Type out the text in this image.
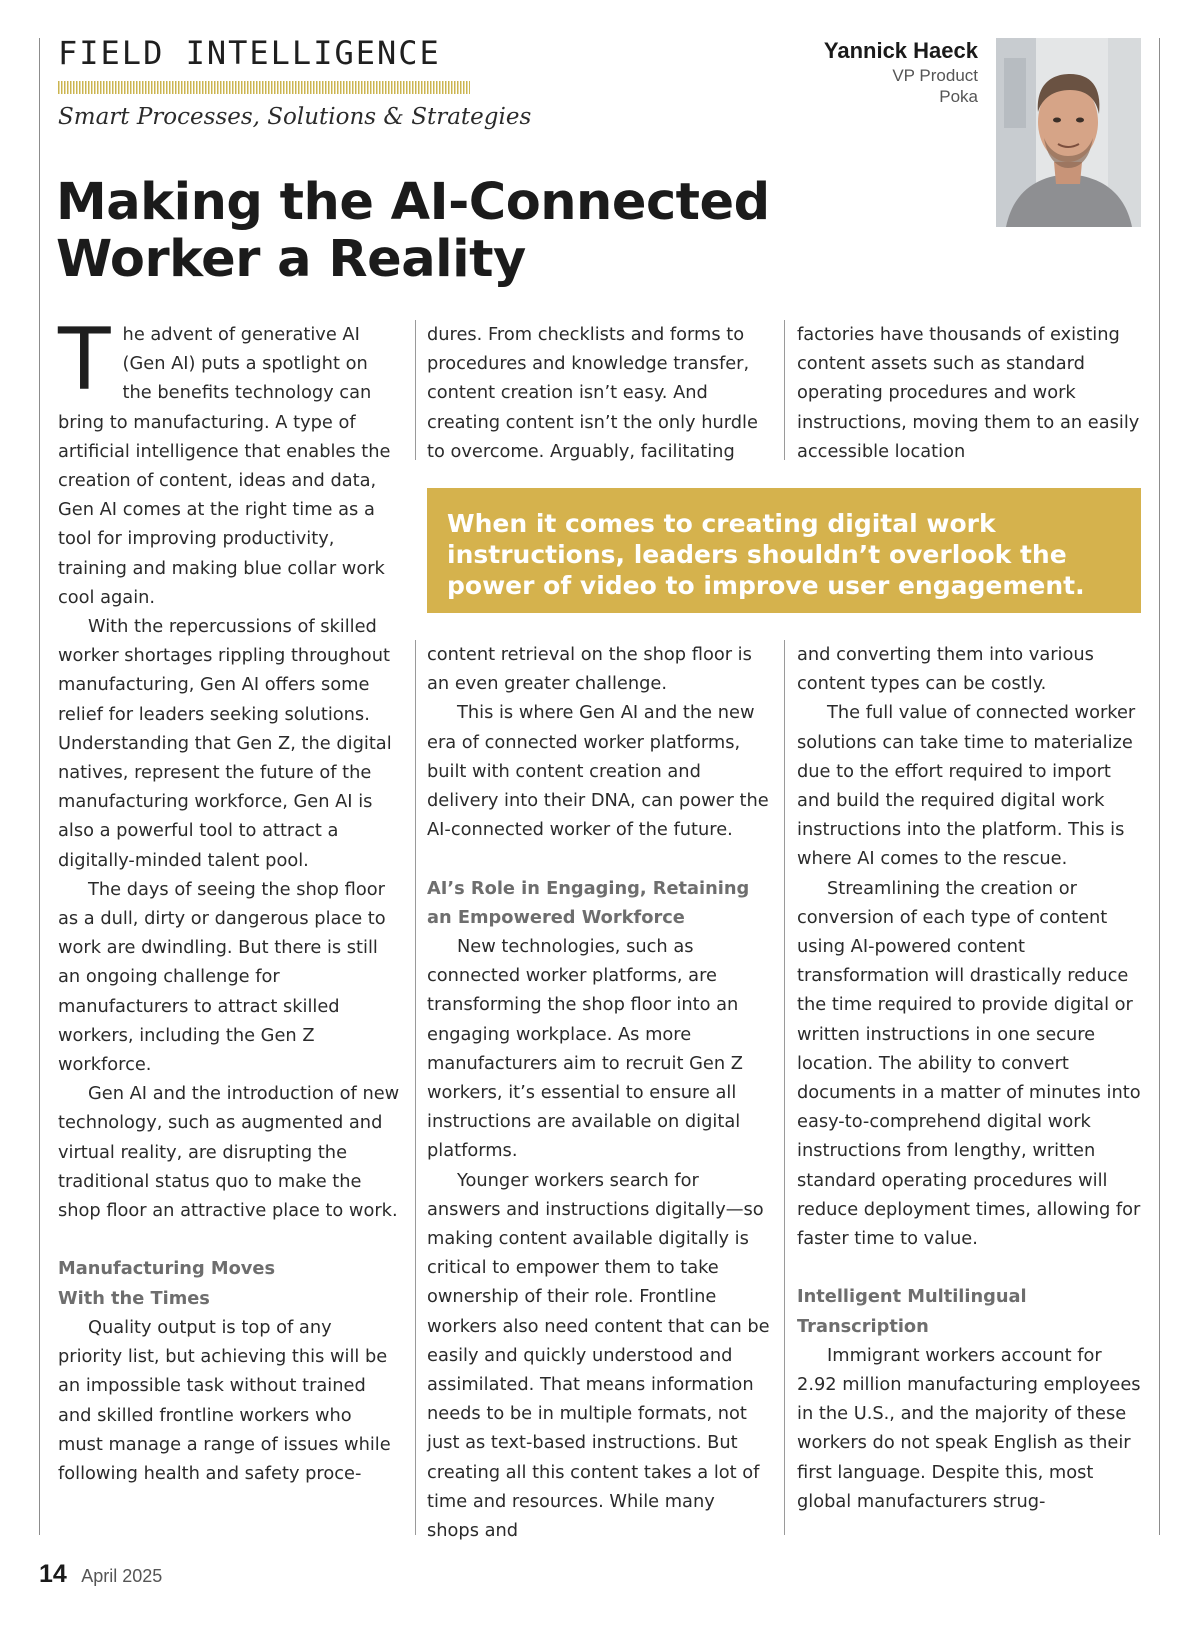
FIELD INTELLIGENCE

Smart Processes, Solutions & Strategies

Yannick Haeck
VP Product
Poka
Making the AI-Connected
Worker a Reality

The advent of generative AI (Gen AI) puts a spotlight on the benefits technology can bring to manufacturing. A type of artificial intelligence that enables the creation of content, ideas and data, Gen AI comes at the right time as a tool for improving productivity, training and making blue collar work cool again.

With the repercussions of skilled worker shortages rippling throughout manufacturing, Gen AI offers some relief for leaders seeking solutions. Understanding that Gen Z, the digital natives, represent the future of the manufacturing workforce, Gen AI is also a powerful tool to attract a digitally-minded talent pool.

The days of seeing the shop floor as a dull, dirty or dangerous place to work are dwindling. But there is still an ongoing challenge for manufacturers to attract skilled workers, including the Gen Z workforce.

Gen AI and the introduction of new technology, such as augmented and virtual reality, are disrupting the traditional status quo to make the shop floor an attractive place to work.

Manufacturing Moves
With the Times

Quality output is top of any priority list, but achieving this will be an impossible task without trained and skilled frontline workers who must manage a range of issues while following health and safety proce-

dures. From checklists and forms to procedures and knowledge transfer, content creation isn’t easy. And creating content isn’t the only hurdle to overcome. Arguably, facilitating

factories have thousands of existing content assets such as standard operating procedures and work instructions, moving them to an easily accessible location

When it comes to creating digital work instructions, leaders shouldn’t overlook the power of video to improve user engagement.

content retrieval on the shop floor is an even greater challenge.

This is where Gen AI and the new era of connected worker platforms, built with content creation and delivery into their DNA, can power the AI-connected worker of the future.

AI’s Role in Engaging, Retaining
an Empowered Workforce

New technologies, such as connected worker platforms, are transforming the shop floor into an engaging workplace. As more manufacturers aim to recruit Gen Z workers, it’s essential to ensure all instructions are available on digital platforms.

Younger workers search for answers and instructions digitally—so making content available digitally is critical to empower them to take ownership of their role. Frontline workers also need content that can be easily and quickly understood and assimilated. That means information needs to be in multiple formats, not just as text-based instructions. But creating all this content takes a lot of time and resources. While many shops and

and converting them into various content types can be costly.

The full value of connected worker solutions can take time to materialize due to the effort required to import and build the required digital work instructions into the platform. This is where AI comes to the rescue.

Streamlining the creation or conversion of each type of content using AI-powered content transformation will drastically reduce the time required to provide digital or written instructions in one secure location. The ability to convert documents in a matter of minutes into easy-to-comprehend digital work instructions from lengthy, written standard operating procedures will reduce deployment times, allowing for faster time to value.

Intelligent Multilingual
Transcription

Immigrant workers account for 2.92 million manufacturing employees in the U.S., and the majority of these workers do not speak English as their first language. Despite this, most global manufacturers strug-

14 April 2025
